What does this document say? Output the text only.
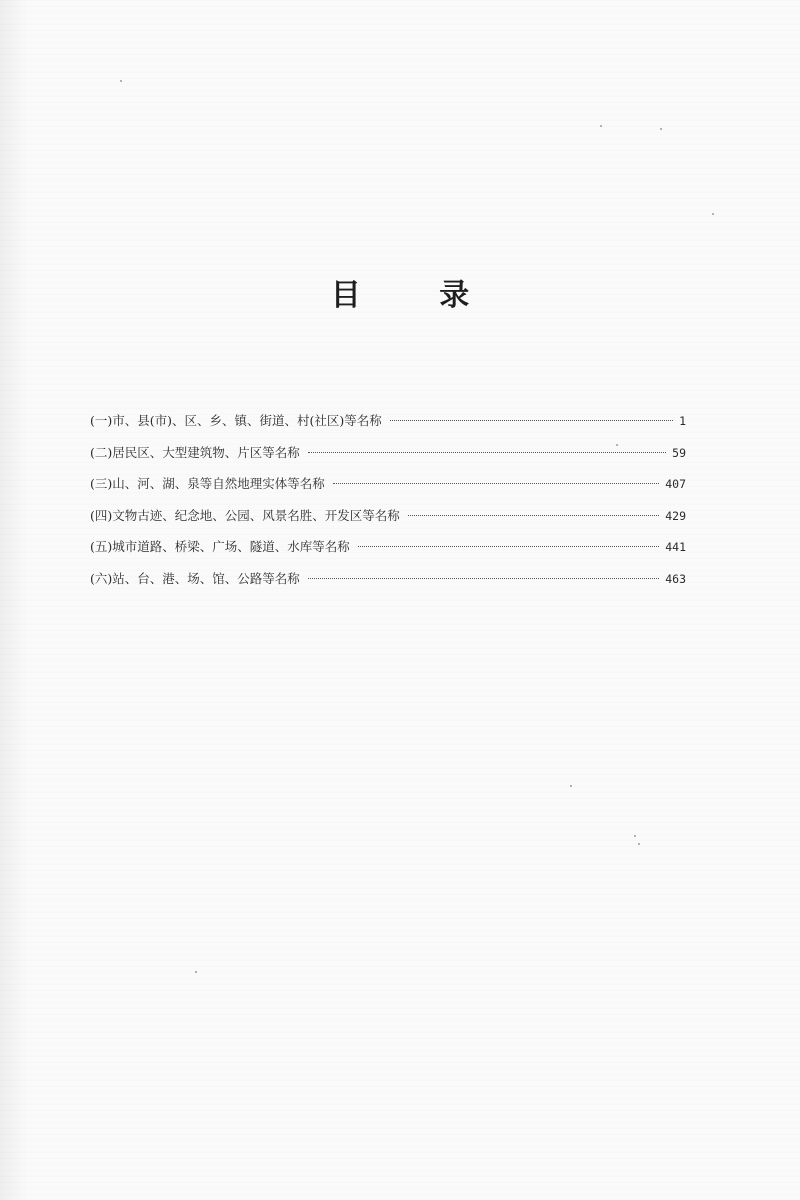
目 录
(一)市、县(市)、区、乡、镇、街道、村(社区)等名称	1
(二)居民区、大型建筑物、片区等名称	59
(三)山、河、湖、泉等自然地理实体等名称	407
(四)文物古迹、纪念地、公园、风景名胜、开发区等名称	429
(五)城市道路、桥梁、广场、隧道、水库等名称	441
(六)站、台、港、场、馆、公路等名称	463
